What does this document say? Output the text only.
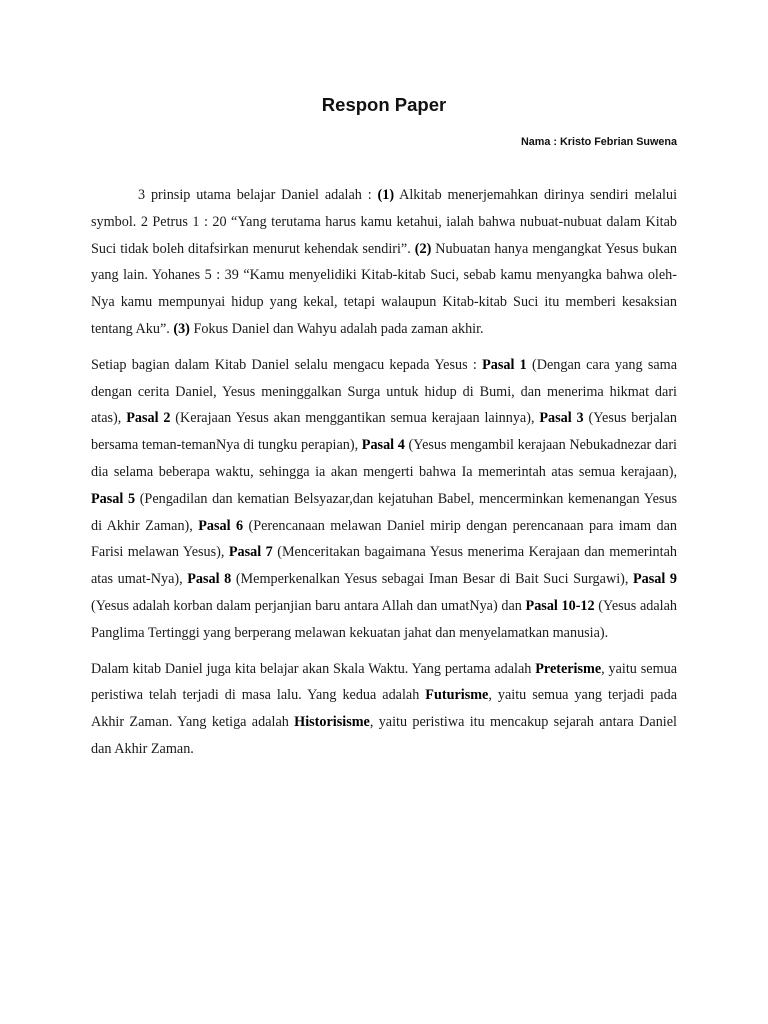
Respon Paper

Nama : Kristo Febrian Suwena

3 prinsip utama belajar Daniel adalah : (1) Alkitab menerjemahkan dirinya sendiri melalui symbol. 2 Petrus 1 : 20 “Yang terutama harus kamu ketahui, ialah bahwa nubuat-nubuat dalam Kitab Suci tidak boleh ditafsirkan menurut kehendak sendiri”. (2) Nubuatan hanya mengangkat Yesus bukan yang lain. Yohanes 5 : 39 “Kamu menyelidiki Kitab-kitab Suci, sebab kamu menyangka bahwa oleh-Nya kamu mempunyai hidup yang kekal, tetapi walaupun Kitab-kitab Suci itu memberi kesaksian tentang Aku”. (3) Fokus Daniel dan Wahyu adalah pada zaman akhir.

Setiap bagian dalam Kitab Daniel selalu mengacu kepada Yesus : Pasal 1 (Dengan cara yang sama dengan cerita Daniel, Yesus meninggalkan Surga untuk hidup di Bumi, dan menerima hikmat dari atas), Pasal 2 (Kerajaan Yesus akan menggantikan semua kerajaan lainnya), Pasal 3 (Yesus berjalan bersama teman-temanNya di tungku perapian), Pasal 4 (Yesus mengambil kerajaan Nebukadnezar dari dia selama beberapa waktu, sehingga ia akan mengerti bahwa Ia memerintah atas semua kerajaan), Pasal 5 (Pengadilan dan kematian Belsyazar,dan kejatuhan Babel, mencerminkan kemenangan Yesus di Akhir Zaman), Pasal 6 (Perencanaan melawan Daniel mirip dengan perencanaan para imam dan Farisi melawan Yesus), Pasal 7 (Menceritakan bagaimana Yesus menerima Kerajaan dan memerintah atas umat-Nya), Pasal 8 (Memperkenalkan Yesus sebagai Iman Besar di Bait Suci Surgawi), Pasal 9 (Yesus adalah korban dalam perjanjian baru antara Allah dan umatNya) dan Pasal 10-12 (Yesus adalah Panglima Tertinggi yang berperang melawan kekuatan jahat dan menyelamatkan manusia).

Dalam kitab Daniel juga kita belajar akan Skala Waktu. Yang pertama adalah Preterisme, yaitu semua peristiwa telah terjadi di masa lalu. Yang kedua adalah Futurisme, yaitu semua yang terjadi pada Akhir Zaman. Yang ketiga adalah Historisisme, yaitu peristiwa itu mencakup sejarah antara Daniel dan Akhir Zaman.
